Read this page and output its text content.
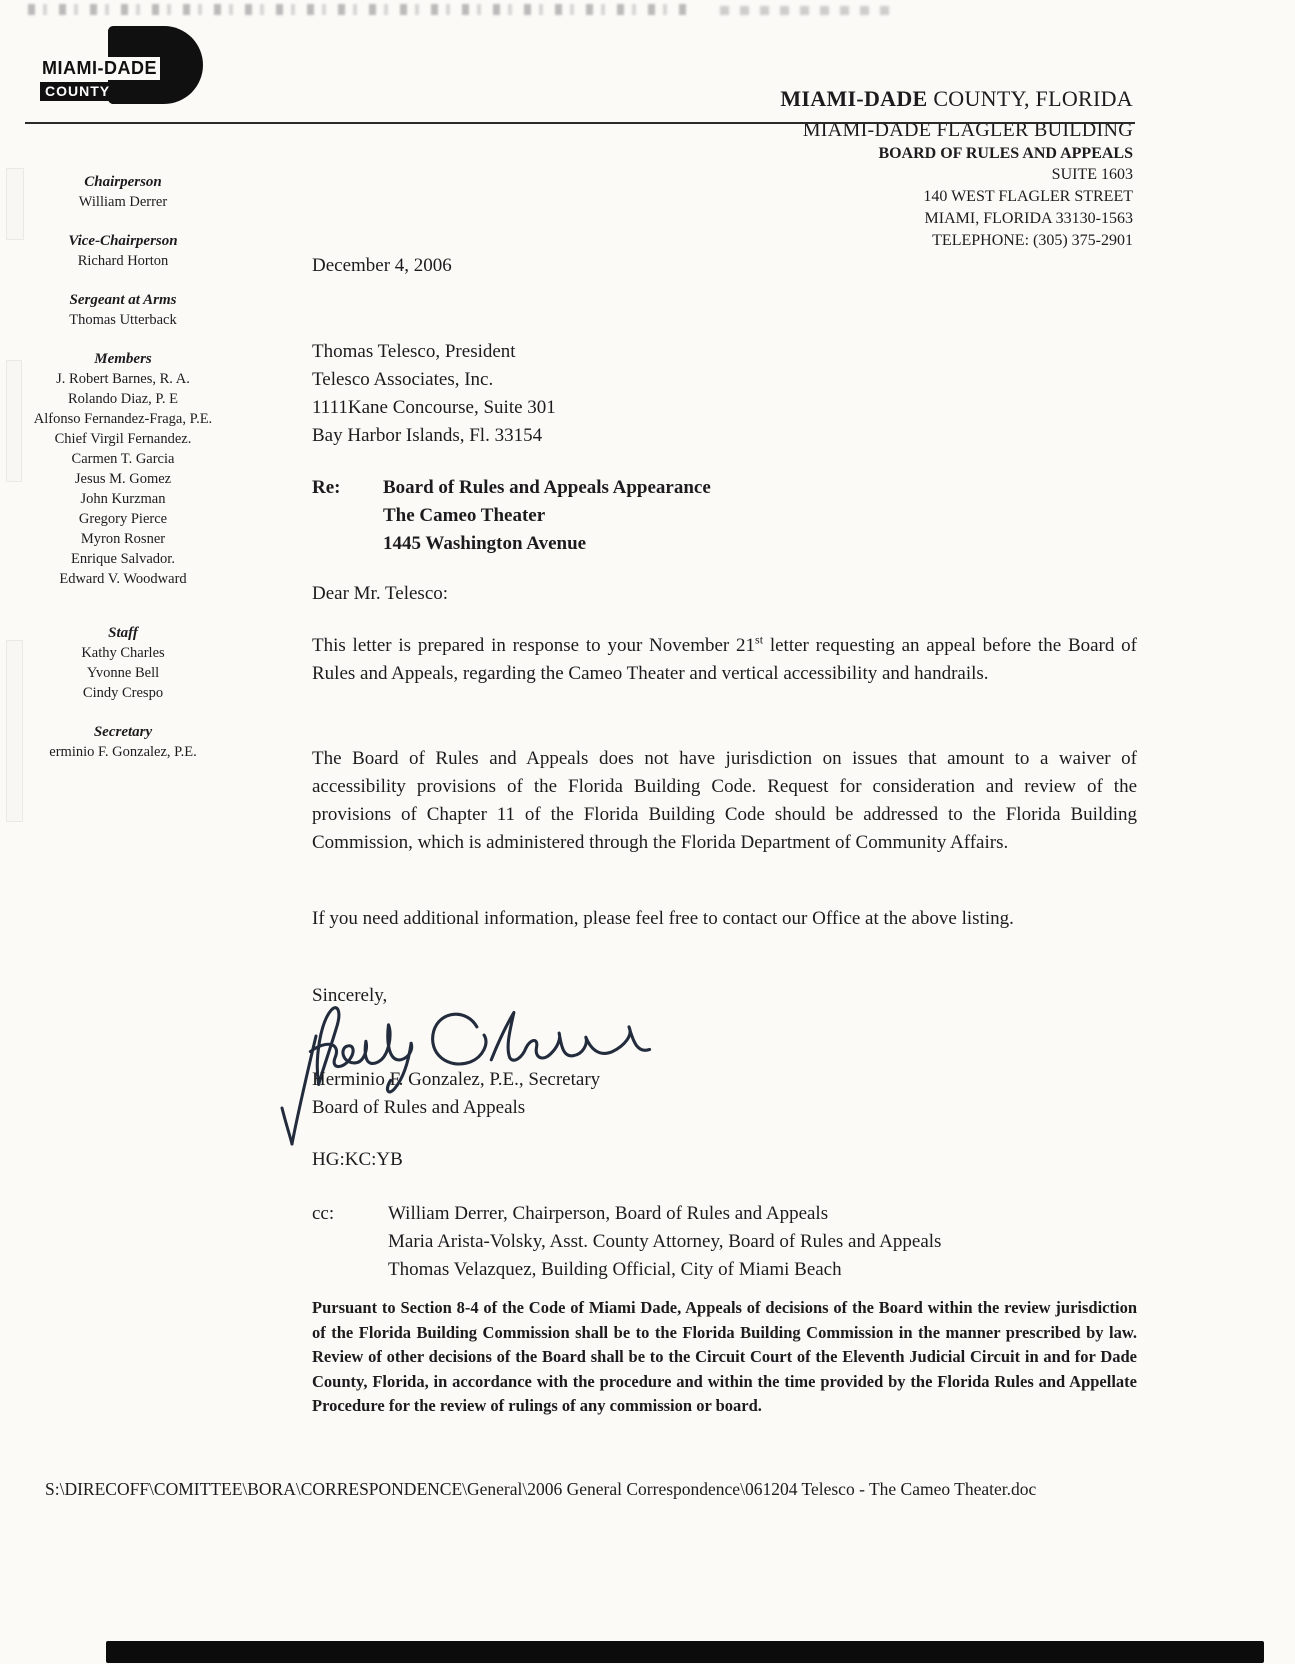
MIAMI-DADE
COUNTY	MIAMI-DADE COUNTY, FLORIDA
MIAMI-DADE FLAGLER BUILDING
BOARD OF RULES AND APPEALS
SUITE 1603
140 WEST FLAGLER STREET
MIAMI, FLORIDA 33130-1563
TELEPHONE: (305) 375-2901
Chairperson
William Derrer
Vice-Chairperson
Richard Horton
Sergeant at Arms
Thomas Utterback
Members
J. Robert Barnes, R. A.
Rolando Diaz, P. E
Alfonso Fernandez-Fraga, P.E.
Chief Virgil Fernandez.
Carmen T. Garcia
Jesus M. Gomez
John Kurzman
Gregory Pierce
Myron Rosner
Enrique Salvador.
Edward V. Woodward
Staff
Kathy Charles
Yvonne Bell
Cindy Crespo
Secretary
erminio F. Gonzalez, P.E.
December 4, 2006
Thomas Telesco, President
Telesco Associates, Inc.
1111Kane Concourse, Suite 301
Bay Harbor Islands, Fl. 33154
Re: Board of Rules and Appeals Appearance
The Cameo Theater
1445 Washington Avenue
Dear Mr. Telesco:
This letter is prepared in response to your November 21st letter requesting an appeal before the Board of Rules and Appeals, regarding the Cameo Theater and vertical accessibility and handrails.
The Board of Rules and Appeals does not have jurisdiction on issues that amount to a waiver of accessibility provisions of the Florida Building Code. Request for consideration and review of the provisions of Chapter 11 of the Florida Building Code should be addressed to the Florida Building Commission, which is administered through the Florida Department of Community Affairs.
If you need additional information, please feel free to contact our Office at the above listing.
Sincerely,
Herminio F. Gonzalez, P.E., Secretary
Board of Rules and Appeals
HG:KC:YB
cc:	William Derrer, Chairperson, Board of Rules and Appeals
Maria Arista-Volsky, Asst. County Attorney, Board of Rules and Appeals
Thomas Velazquez, Building Official, City of Miami Beach
Pursuant to Section 8-4 of the Code of Miami Dade, Appeals of decisions of the Board within the review jurisdiction of the Florida Building Commission shall be to the Florida Building Commission in the manner prescribed by law. Review of other decisions of the Board shall be to the Circuit Court of the Eleventh Judicial Circuit in and for Dade County, Florida, in accordance with the procedure and within the time provided by the Florida Rules and Appellate Procedure for the review of rulings of any commission or board.
S:\DIRECOFF\COMITTEE\BORA\CORRESPONDENCE\General\2006 General Correspondence\061204 Telesco - The Cameo Theater.doc
